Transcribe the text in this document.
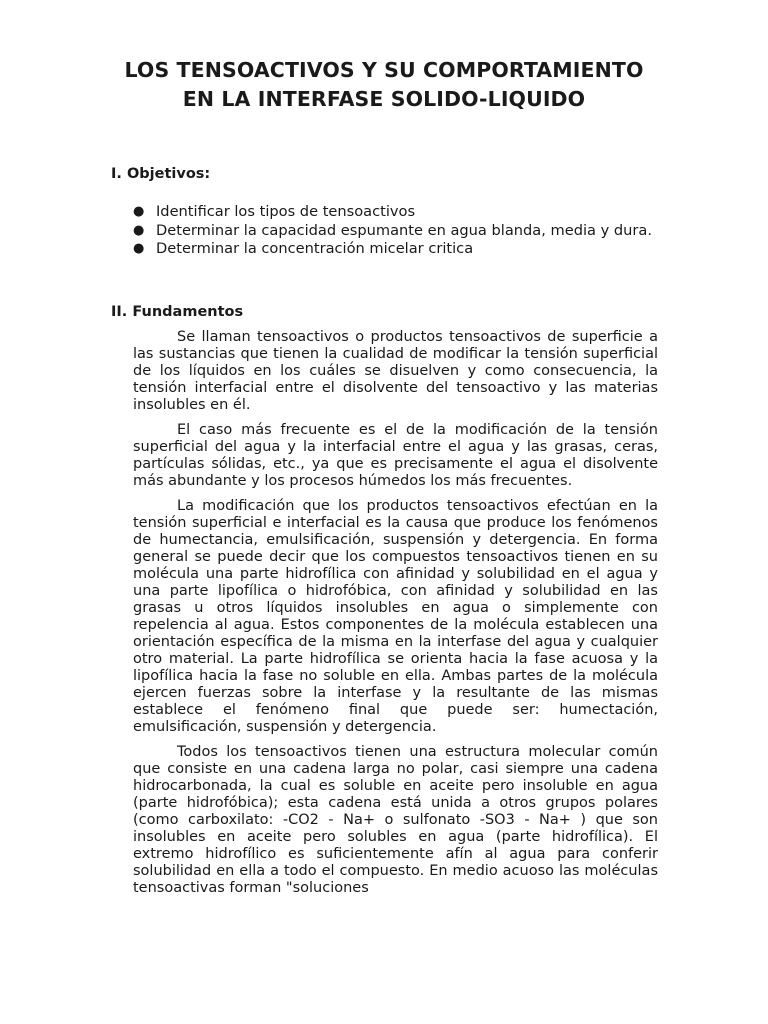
LOS TENSOACTIVOS Y SU COMPORTAMIENTO
EN LA INTERFASE SOLIDO-LIQUIDO
I. Objetivos:
● Identificar los tipos de tensoactivos
● Determinar la capacidad espumante en agua blanda, media y dura.
● Determinar la concentración micelar critica
II. Fundamentos

Se llaman tensoactivos o productos tensoactivos de superficie a las sustancias que tienen la cualidad de modificar la tensión superficial de los líquidos en los cuáles se disuelven y como consecuencia, la tensión interfacial entre el disolvente del tensoactivo y las materias insolubles en él.

El caso más frecuente es el de la modificación de la tensión superficial del agua y la interfacial entre el agua y las grasas, ceras, partículas sólidas, etc., ya que es precisamente el agua el disolvente más abundante y los procesos húmedos los más frecuentes.

La modificación que los productos tensoactivos efectúan en la tensión superficial e interfacial es la causa que produce los fenómenos de humectancia, emulsificación, suspensión y detergencia. En forma general se puede decir que los compuestos tensoactivos tienen en su molécula una parte hidrofílica con afinidad y solubilidad en el agua y una parte lipofílica o hidrofóbica, con afinidad y solubilidad en las grasas u otros líquidos insolubles en agua o simplemente con repelencia al agua. Estos componentes de la molécula establecen una orientación específica de la misma en la interfase del agua y cualquier otro material. La parte hidrofílica se orienta hacia la fase acuosa y la lipofílica hacia la fase no soluble en ella. Ambas partes de la molécula ejercen fuerzas sobre la interfase y la resultante de las mismas establece el fenómeno final que puede ser: humectación, emulsificación, suspensión y detergencia.

Todos los tensoactivos tienen una estructura molecular común que consiste en una cadena larga no polar, casi siempre una cadena hidrocarbonada, la cual es soluble en aceite pero insoluble en agua (parte hidrofóbica); esta cadena está unida a otros grupos polares (como carboxilato: -CO2 - Na+ o sulfonato -SO3 - Na+ ) que son insolubles en aceite pero solubles en agua (parte hidrofílica). El extremo hidrofílico es suficientemente afín al agua para conferir solubilidad en ella a todo el compuesto. En medio acuoso las moléculas tensoactivas forman "soluciones
